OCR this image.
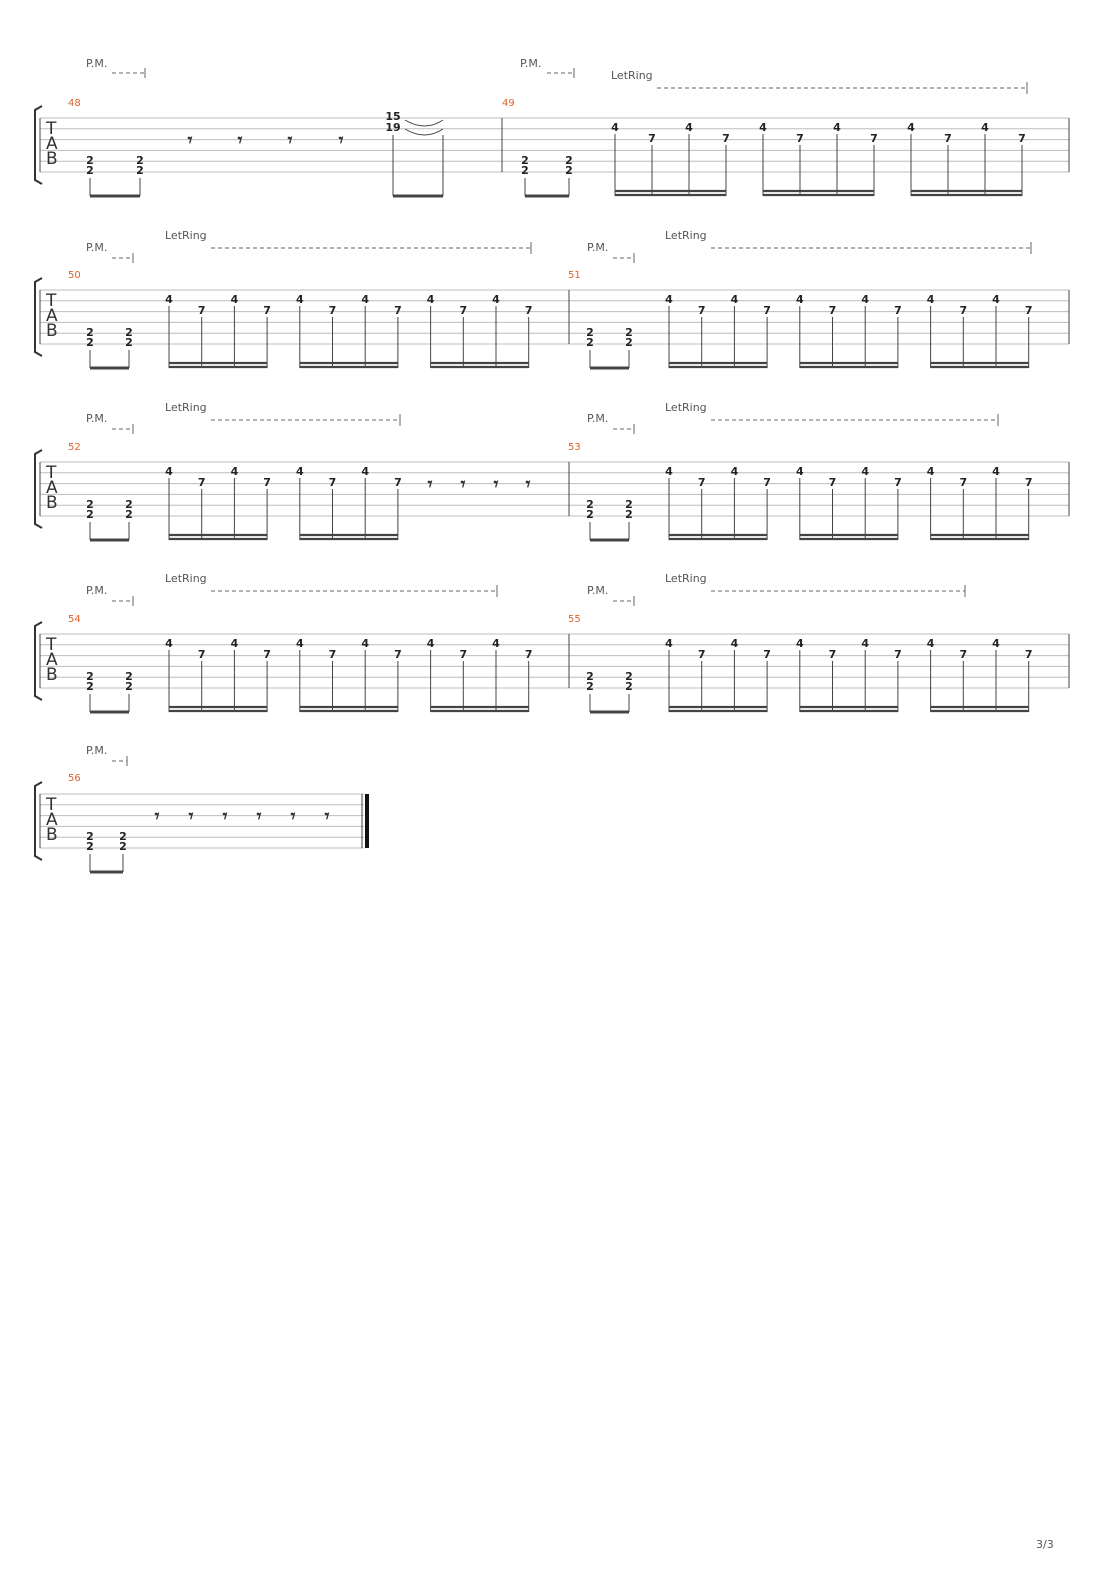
T
A
B
P.M.	P.M.
48	49
2
2
2
2
𝄾	𝄾	𝄾	𝄾
15
19
2
2
2
2
LetRing
4
7
4
7
4
7
4
7
4
7
4
7
T
A
B
P.M.	P.M.
LetRing	LetRing
50
2
2
2
2
4
7
4
7
4
7
4
7
4
7
4
7
51
2
2
2
2
4
7
4
7
4
7
4
7
4
7
4
7
T
A
B
P.M.	P.M.
LetRing	LetRing
52
2
2
2
2
4
7
4
7
4
7
4
7 𝄾 𝄾 𝄾 𝄾
53
2
2
2
2
4
7
4
7
4
7
4
7
4
7
4
7
T
A
B
P.M.	P.M.
LetRing	LetRing
54
2
2
2
2
4
7
4
7
4
7
4
7
4
7
4
7
55
2
2
2
2
4
7
4
7
4
7
4
7
4
7
4
7
T
A
B
P.M.
56
2
2
2
2
𝄾 𝄾 𝄾 𝄾 𝄾 𝄾
3/3
